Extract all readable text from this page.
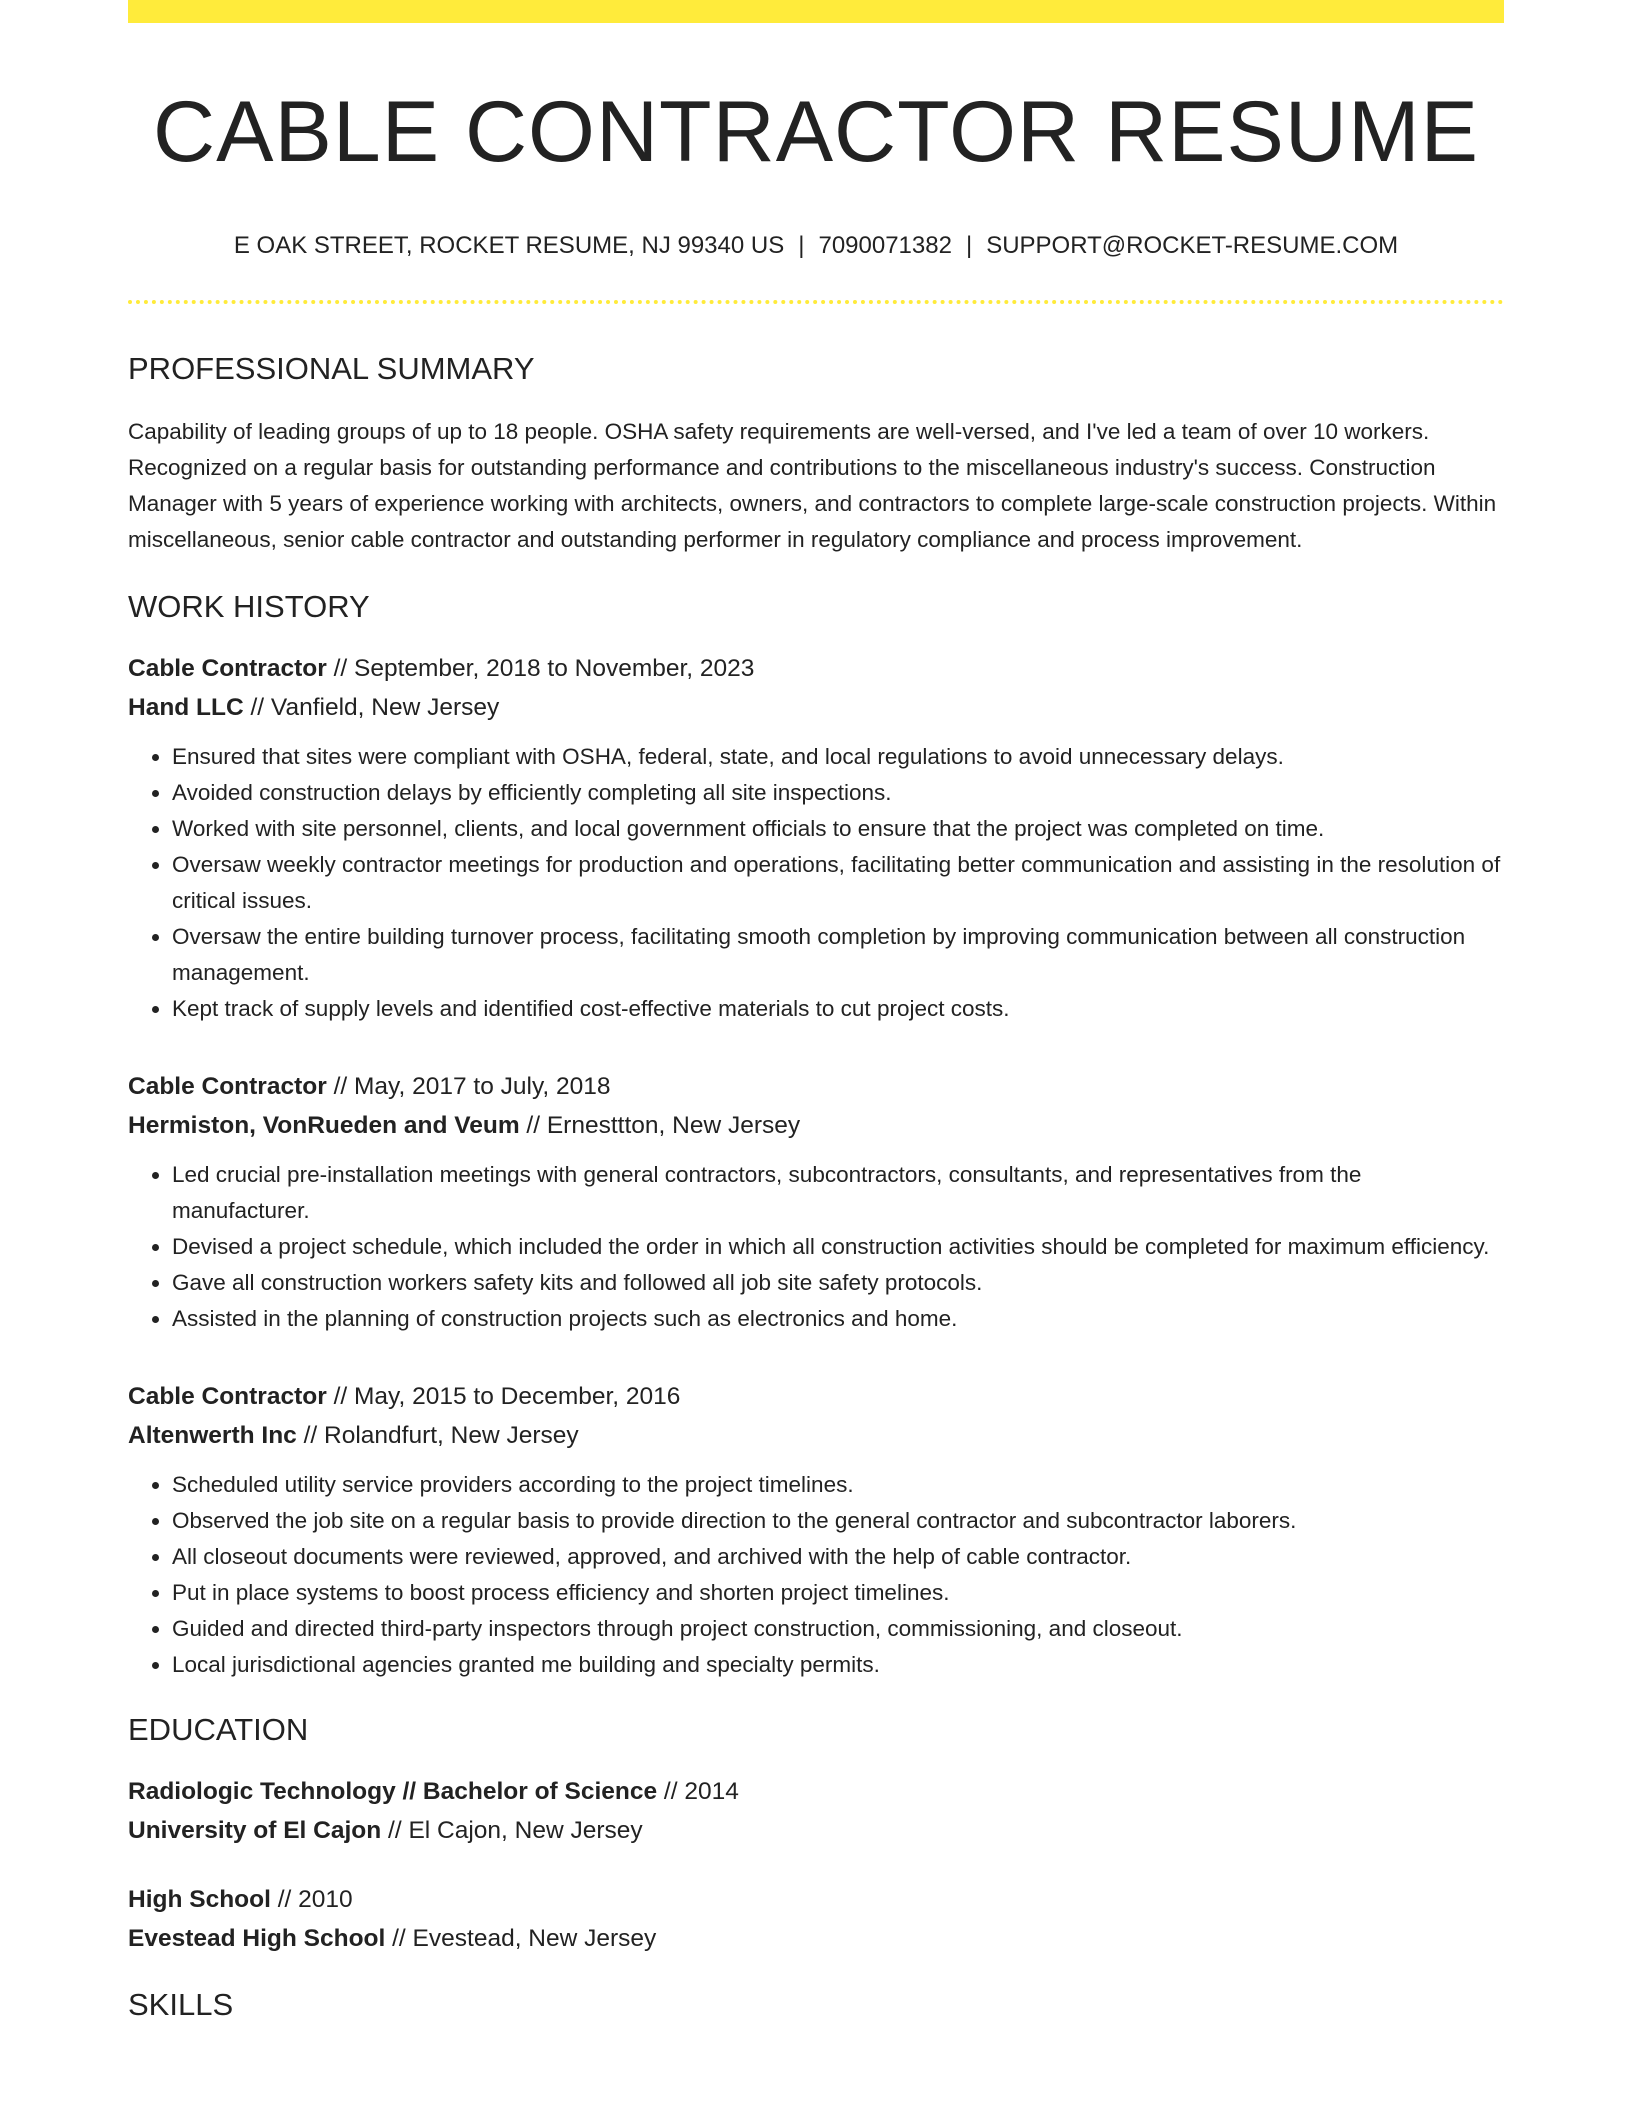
CABLE CONTRACTOR RESUME
E OAK STREET, ROCKET RESUME, NJ 99340 US | 7090071382 | SUPPORT@ROCKET-RESUME.COM
PROFESSIONAL SUMMARY
Capability of leading groups of up to 18 people. OSHA safety requirements are well-versed, and I've led a team of over 10 workers. Recognized on a regular basis for outstanding performance and contributions to the miscellaneous industry's success. Construction Manager with 5 years of experience working with architects, owners, and contractors to complete large-scale construction projects. Within miscellaneous, senior cable contractor and outstanding performer in regulatory compliance and process improvement.
WORK HISTORY
Cable Contractor // September, 2018 to November, 2023
Hand LLC // Vanfield, New Jersey
• Ensured that sites were compliant with OSHA, federal, state, and local regulations to avoid unnecessary delays.
• Avoided construction delays by efficiently completing all site inspections.
• Worked with site personnel, clients, and local government officials to ensure that the project was completed on time.
• Oversaw weekly contractor meetings for production and operations, facilitating better communication and assisting in the resolution of critical issues.
• Oversaw the entire building turnover process, facilitating smooth completion by improving communication between all construction management.
• Kept track of supply levels and identified cost-effective materials to cut project costs.
Cable Contractor // May, 2017 to July, 2018
Hermiston, VonRueden and Veum // Ernesttton, New Jersey
• Led crucial pre-installation meetings with general contractors, subcontractors, consultants, and representatives from the manufacturer.
• Devised a project schedule, which included the order in which all construction activities should be completed for maximum efficiency.
• Gave all construction workers safety kits and followed all job site safety protocols.
• Assisted in the planning of construction projects such as electronics and home.
Cable Contractor // May, 2015 to December, 2016
Altenwerth Inc // Rolandfurt, New Jersey
• Scheduled utility service providers according to the project timelines.
• Observed the job site on a regular basis to provide direction to the general contractor and subcontractor laborers.
• All closeout documents were reviewed, approved, and archived with the help of cable contractor.
• Put in place systems to boost process efficiency and shorten project timelines.
• Guided and directed third-party inspectors through project construction, commissioning, and closeout.
• Local jurisdictional agencies granted me building and specialty permits.
EDUCATION
Radiologic Technology // Bachelor of Science // 2014
University of El Cajon // El Cajon, New Jersey
High School // 2010
Evestead High School // Evestead, New Jersey
SKILLS
